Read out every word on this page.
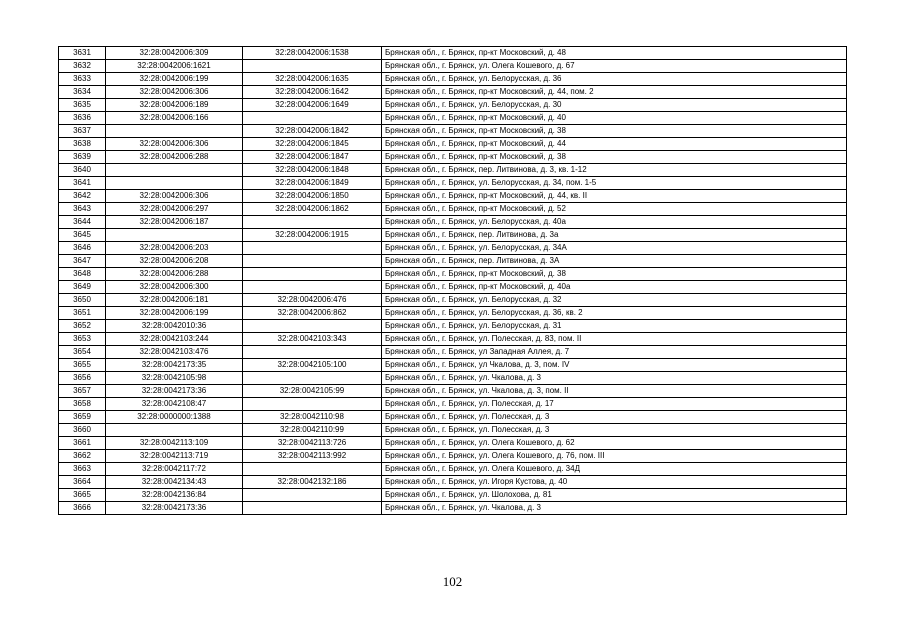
3631	32:28:0042006:309	32:28:0042006:1538	Брянская обл., г. Брянск, пр-кт Московский, д. 48
3632	32:28:0042006:1621		Брянская обл., г. Брянск, ул. Олега Кошевого, д. 67
3633	32:28:0042006:199	32:28:0042006:1635	Брянская обл., г. Брянск, ул. Белорусская, д. 36
3634	32:28:0042006:306	32:28:0042006:1642	Брянская обл., г. Брянск, пр-кт Московский, д. 44, пом. 2
3635	32:28:0042006:189	32:28:0042006:1649	Брянская обл., г. Брянск, ул. Белорусская, д. 30
3636	32:28:0042006:166		Брянская обл., г. Брянск, пр-кт Московский, д. 40
3637		32:28:0042006:1842	Брянская обл., г. Брянск, пр-кт Московский, д. 38
3638	32:28:0042006:306	32:28:0042006:1845	Брянская обл., г. Брянск, пр-кт Московский, д. 44
3639	32:28:0042006:288	32:28:0042006:1847	Брянская обл., г. Брянск, пр-кт Московский, д. 38
3640		32:28:0042006:1848	Брянская обл., г. Брянск, пер. Литвинова, д. 3, кв. 1-12
3641		32:28:0042006:1849	Брянская обл., г. Брянск, ул. Белорусская, д. 34, пом. 1-5
3642	32:28:0042006:306	32:28:0042006:1850	Брянская обл., г. Брянск, пр-кт Московский, д. 44, кв. II
3643	32:28:0042006:297	32:28:0042006:1862	Брянская обл., г. Брянск, пр-кт Московский, д. 52
3644	32:28:0042006:187		Брянская обл., г. Брянск, ул. Белорусская, д. 40а
3645		32:28:0042006:1915	Брянская обл., г. Брянск, пер. Литвинова, д. 3а
3646	32:28:0042006:203		Брянская обл., г. Брянск, ул. Белорусская, д. 34А
3647	32:28:0042006:208		Брянская обл., г. Брянск, пер. Литвинова, д. 3А
3648	32:28:0042006:288		Брянская обл., г. Брянск, пр-кт Московский, д. 38
3649	32:28:0042006:300		Брянская обл., г. Брянск, пр-кт Московский, д. 40а
3650	32:28:0042006:181	32:28:0042006:476	Брянская обл., г. Брянск, ул. Белорусская, д. 32
3651	32:28:0042006:199	32:28:0042006:862	Брянская обл., г. Брянск, ул. Белорусская, д. 36, кв. 2
3652	32:28:0042010:36		Брянская обл., г. Брянск, ул. Белорусская, д. 31
3653	32:28:0042103:244	32:28:0042103:343	Брянская обл., г. Брянск, ул. Полесская, д. 83, пом. II
3654	32:28:0042103:476		Брянская обл., г. Брянск, ул Западная Аллея, д. 7
3655	32:28:0042173:35	32:28:0042105:100	Брянская обл., г. Брянск, ул Чкалова, д. 3, пом. IV
3656	32:28:0042105:98		Брянская обл., г. Брянск, ул. Чкалова, д. 3
3657	32:28:0042173:36	32:28:0042105:99	Брянская обл., г. Брянск, ул. Чкалова, д. 3, пом. II
3658	32:28:0042108:47		Брянская обл., г. Брянск, ул. Полесская, д. 17
3659	32:28:0000000:1388	32:28:0042110:98	Брянская обл., г. Брянск, ул. Полесская, д. 3
3660		32:28:0042110:99	Брянская обл., г. Брянск, ул. Полесская, д. 3
3661	32:28:0042113:109	32:28:0042113:726	Брянская обл., г. Брянск, ул. Олега Кошевого, д. 62
3662	32:28:0042113:719	32:28:0042113:992	Брянская обл., г. Брянск, ул. Олега Кошевого, д. 76, пом. III
3663	32:28:0042117:72		Брянская обл., г. Брянск, ул. Олега Кошевого, д. 34Д
3664	32:28:0042134:43	32:28:0042132:186	Брянская обл., г. Брянск, ул. Игоря Кустова, д. 40
3665	32:28:0042136:84		Брянская обл., г. Брянск, ул. Шолохова, д. 81
3666	32:28:0042173:36		Брянская обл., г. Брянск, ул. Чкалова, д. 3
102
